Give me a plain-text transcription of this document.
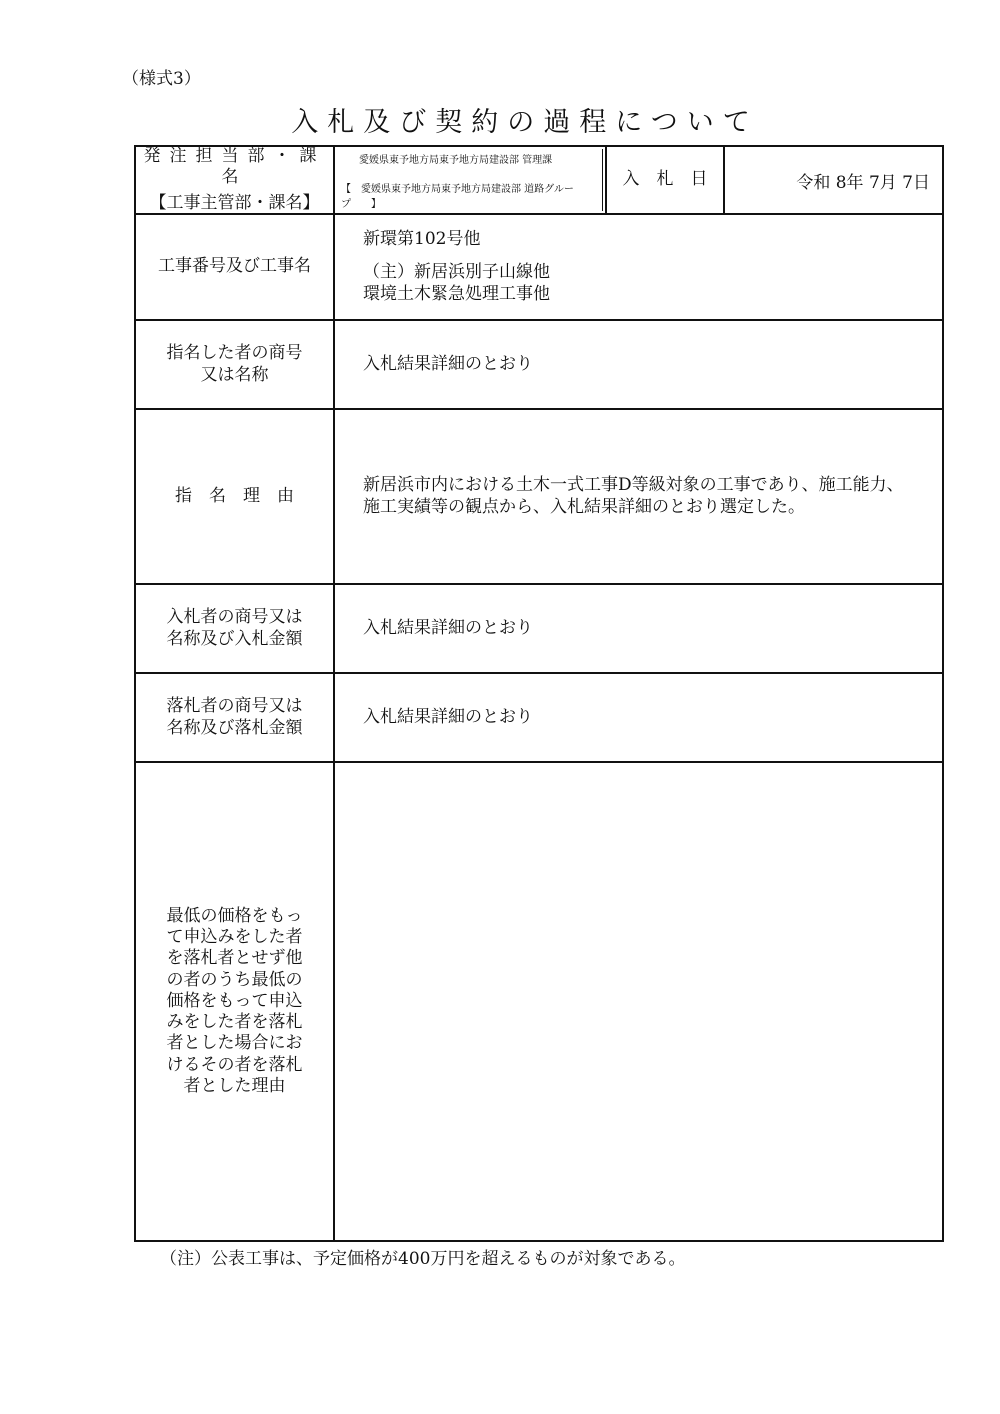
（様式3）
入札及び契約の過程について
発注担当部・課名
【工事主管部・課名】
愛媛県東予地方局東予地方局建設部 管理課
【　愛媛県東予地方局東予地方局建設部 道路グループ　　】
入　札　日	令和 8年 7月 7日
工事番号及び工事名
新環第102号他
（主）新居浜別子山線他
環境土木緊急処理工事他
指名した者の商号
又は名称
入札結果詳細のとおり
指　名　理　由
新居浜市内における土木一式工事D等級対象の工事であり、施工能力、施工実績等の観点から、入札結果詳細のとおり選定した。
入札者の商号又は
名称及び入札金額
入札結果詳細のとおり
落札者の商号又は
名称及び落札金額
入札結果詳細のとおり
最低の価格をもっ
て申込みをした者
を落札者とせず他
の者のうち最低の
価格をもって申込
みをした者を落札
者とした場合にお
けるその者を落札
者とした理由
（注）公表工事は、予定価格が400万円を超えるものが対象である。
